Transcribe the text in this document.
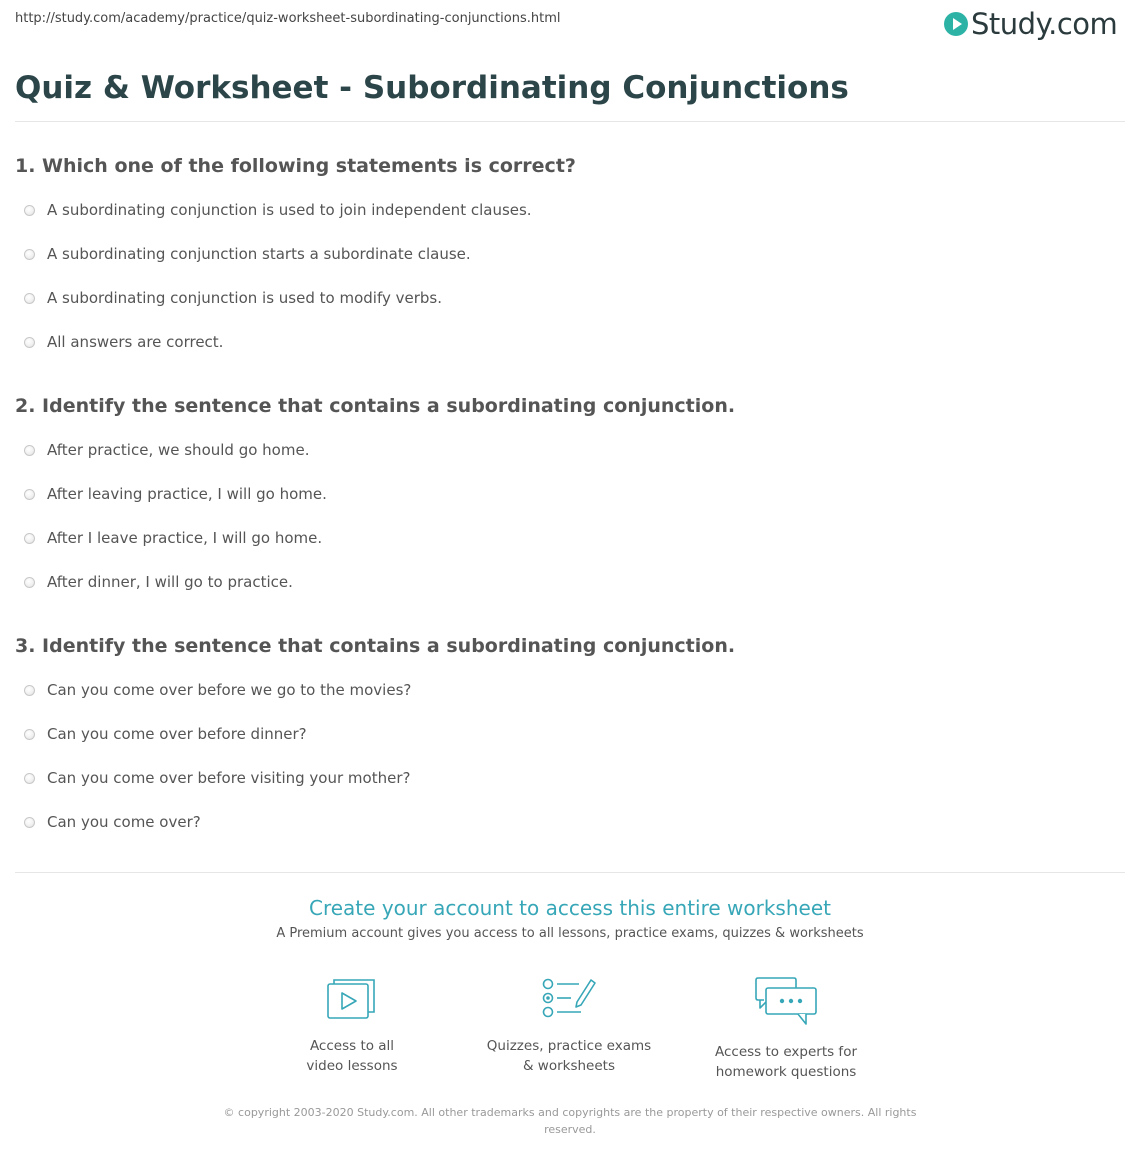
http://study.com/academy/practice/quiz-worksheet-subordinating-conjunctions.html	Study.com
Quiz & Worksheet - Subordinating Conjunctions
1. Which one of the following statements is correct?
A subordinating conjunction is used to join independent clauses.
A subordinating conjunction starts a subordinate clause.
A subordinating conjunction is used to modify verbs.
All answers are correct.
2. Identify the sentence that contains a subordinating conjunction.
After practice, we should go home.
After leaving practice, I will go home.
After I leave practice, I will go home.
After dinner, I will go to practice.
3. Identify the sentence that contains a subordinating conjunction.
Can you come over before we go to the movies?
Can you come over before dinner?
Can you come over before visiting your mother?
Can you come over?
Create your account to access this entire worksheet
A Premium account gives you access to all lessons, practice exams, quizzes & worksheets
Access to all
video lessons
Quizzes, practice exams
& worksheets
Access to experts for
homework questions
© copyright 2003-2020 Study.com. All other trademarks and copyrights are the property of their respective owners. All rights reserved.
